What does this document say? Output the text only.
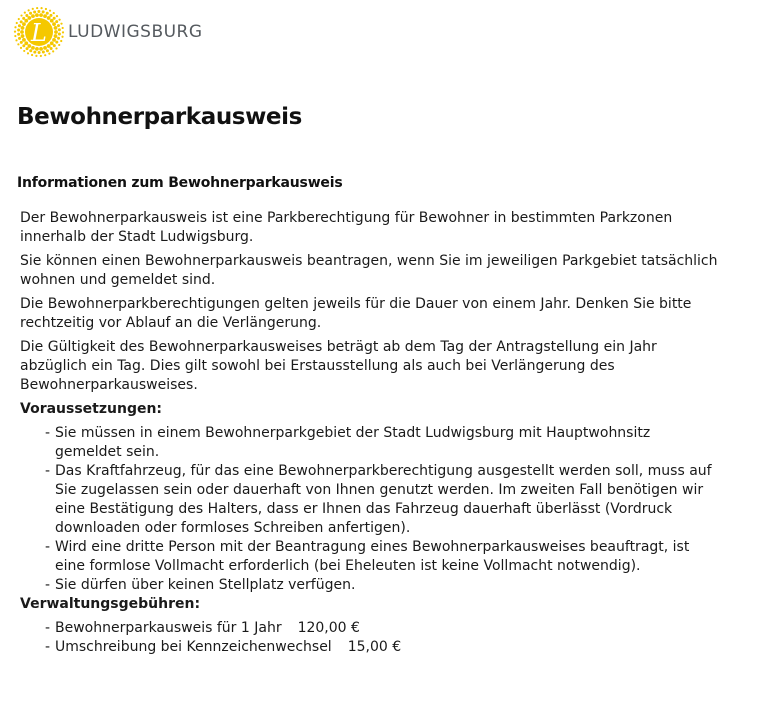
L LUDWIGSBURG
Bewohnerparkausweis
Informationen zum Bewohnerparkausweis

Der Bewohnerparkausweis ist eine Parkberechtigung für Bewohner in bestimmten Parkzonen innerhalb der Stadt Ludwigsburg.

Sie können einen Bewohnerparkausweis beantragen, wenn Sie im jeweiligen Parkgebiet tatsächlich wohnen und gemeldet sind.

Die Bewohnerparkberechtigungen gelten jeweils für die Dauer von einem Jahr. Denken Sie bitte rechtzeitig vor Ablauf an die Verlängerung.

Die Gültigkeit des Bewohnerparkausweises beträgt ab dem Tag der Antragstellung ein Jahr abzüglich ein Tag. Dies gilt sowohl bei Erstausstellung als auch bei Verlängerung des Bewohnerparkausweises.

Voraussetzungen:

- Sie müssen in einem Bewohnerparkgebiet der Stadt Ludwigsburg mit Hauptwohnsitz gemeldet sein.
- Das Kraftfahrzeug, für das eine Bewohnerparkberechtigung ausgestellt werden soll, muss auf Sie zugelassen sein oder dauerhaft von Ihnen genutzt werden. Im zweiten Fall benötigen wir eine Bestätigung des Halters, dass er Ihnen das Fahrzeug dauerhaft überlässt (Vordruck downloaden oder formloses Schreiben anfertigen).
- Wird eine dritte Person mit der Beantragung eines Bewohnerparkausweises beauftragt, ist eine formlose Vollmacht erforderlich (bei Eheleuten ist keine Vollmacht notwendig).
- Sie dürfen über keinen Stellplatz verfügen.

Verwaltungsgebühren:

- Bewohnerparkausweis für 1 Jahr 120,00 €
- Umschreibung bei Kennzeichenwechsel 15,00 €
